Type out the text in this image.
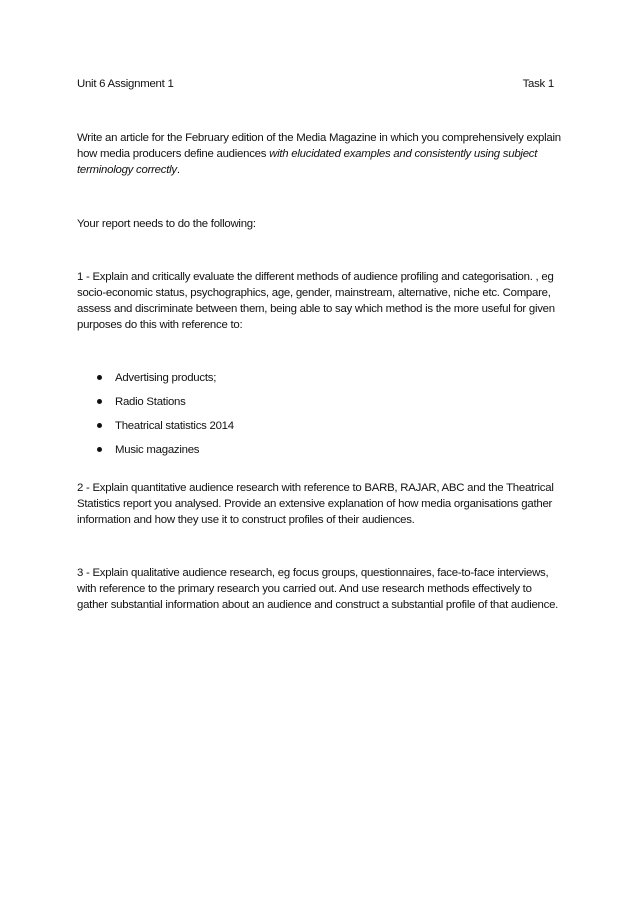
Unit 6 Assignment 1	Task 1

Write an article for the February edition of the Media Magazine in which you comprehensively explain how media producers define audiences with elucidated examples and consistently using subject terminology correctly.

Your report needs to do the following:

1 - Explain and critically evaluate the different methods of audience profiling and categorisation. , eg socio-economic status, psychographics, age, gender, mainstream, alternative, niche etc. Compare, assess and discriminate between them, being able to say which method is the more useful for given purposes do this with reference to:

Advertising products;
Radio Stations
Theatrical statistics 2014
Music magazines

2 - Explain quantitative audience research with reference to BARB, RAJAR, ABC and the Theatrical Statistics report you analysed. Provide an extensive explanation of how media organisations gather information and how they use it to construct profiles of their audiences.

3 - Explain qualitative audience research, eg focus groups, questionnaires, face-to-face interviews, with reference to the primary research you carried out. And use research methods effectively to gather substantial information about an audience and construct a substantial profile of that audience.
